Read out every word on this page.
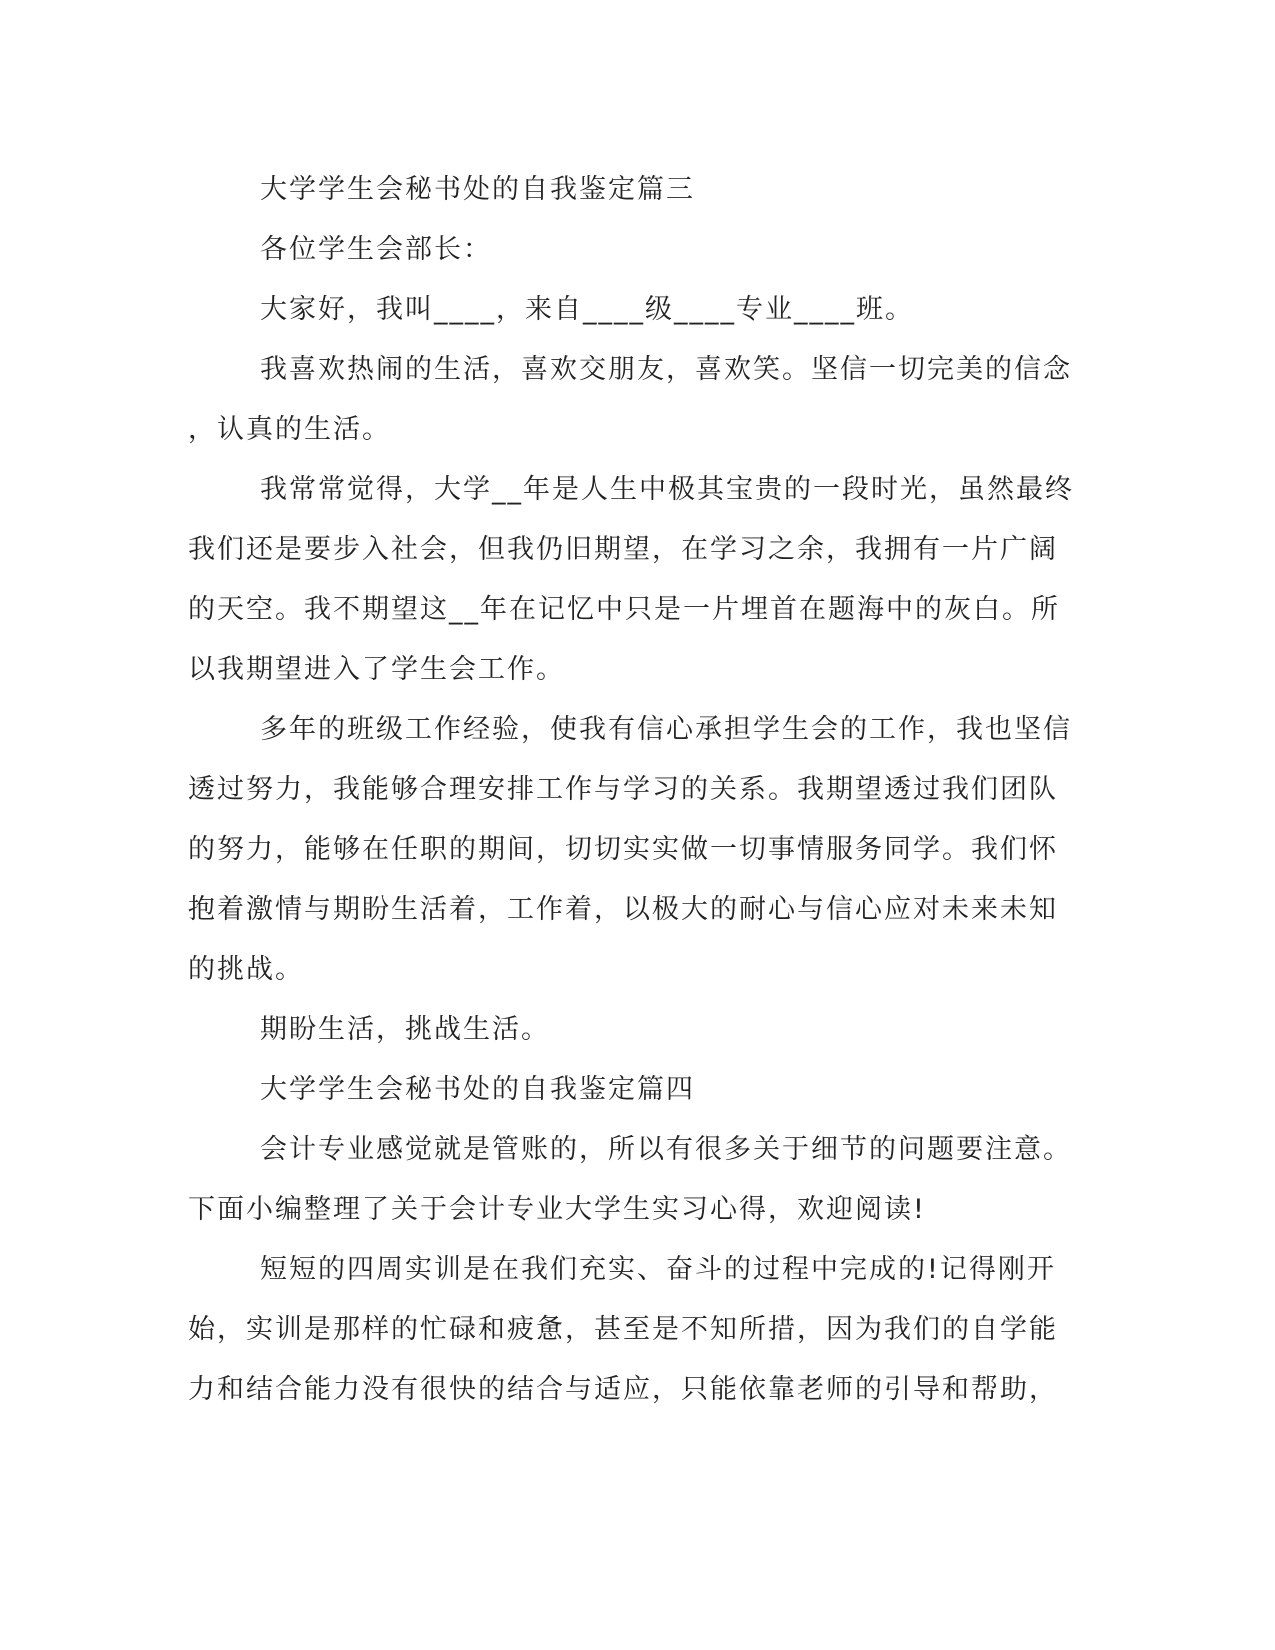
大学学生会秘书处的自我鉴定篇三
各位学生会部长：
大家好，我叫____，来自____级____专业____班。
我喜欢热闹的生活，喜欢交朋友，喜欢笑。坚信一切完美的信念
，认真的生活。
我常常觉得，大学__年是人生中极其宝贵的一段时光，虽然最终
我们还是要步入社会，但我仍旧期望，在学习之余，我拥有一片广阔
的天空。我不期望这__年在记忆中只是一片埋首在题海中的灰白。所
以我期望进入了学生会工作。
多年的班级工作经验，使我有信心承担学生会的工作，我也坚信
透过努力，我能够合理安排工作与学习的关系。我期望透过我们团队
的努力，能够在任职的期间，切切实实做一切事情服务同学。我们怀
抱着激情与期盼生活着，工作着，以极大的耐心与信心应对未来未知
的挑战。
期盼生活，挑战生活。
大学学生会秘书处的自我鉴定篇四
会计专业感觉就是管账的，所以有很多关于细节的问题要注意。
下面小编整理了关于会计专业大学生实习心得，欢迎阅读!
短短的四周实训是在我们充实、奋斗的过程中完成的!记得刚开
始，实训是那样的忙碌和疲惫，甚至是不知所措，因为我们的自学能
力和结合能力没有很快的结合与适应，只能依靠老师的引导和帮助，
